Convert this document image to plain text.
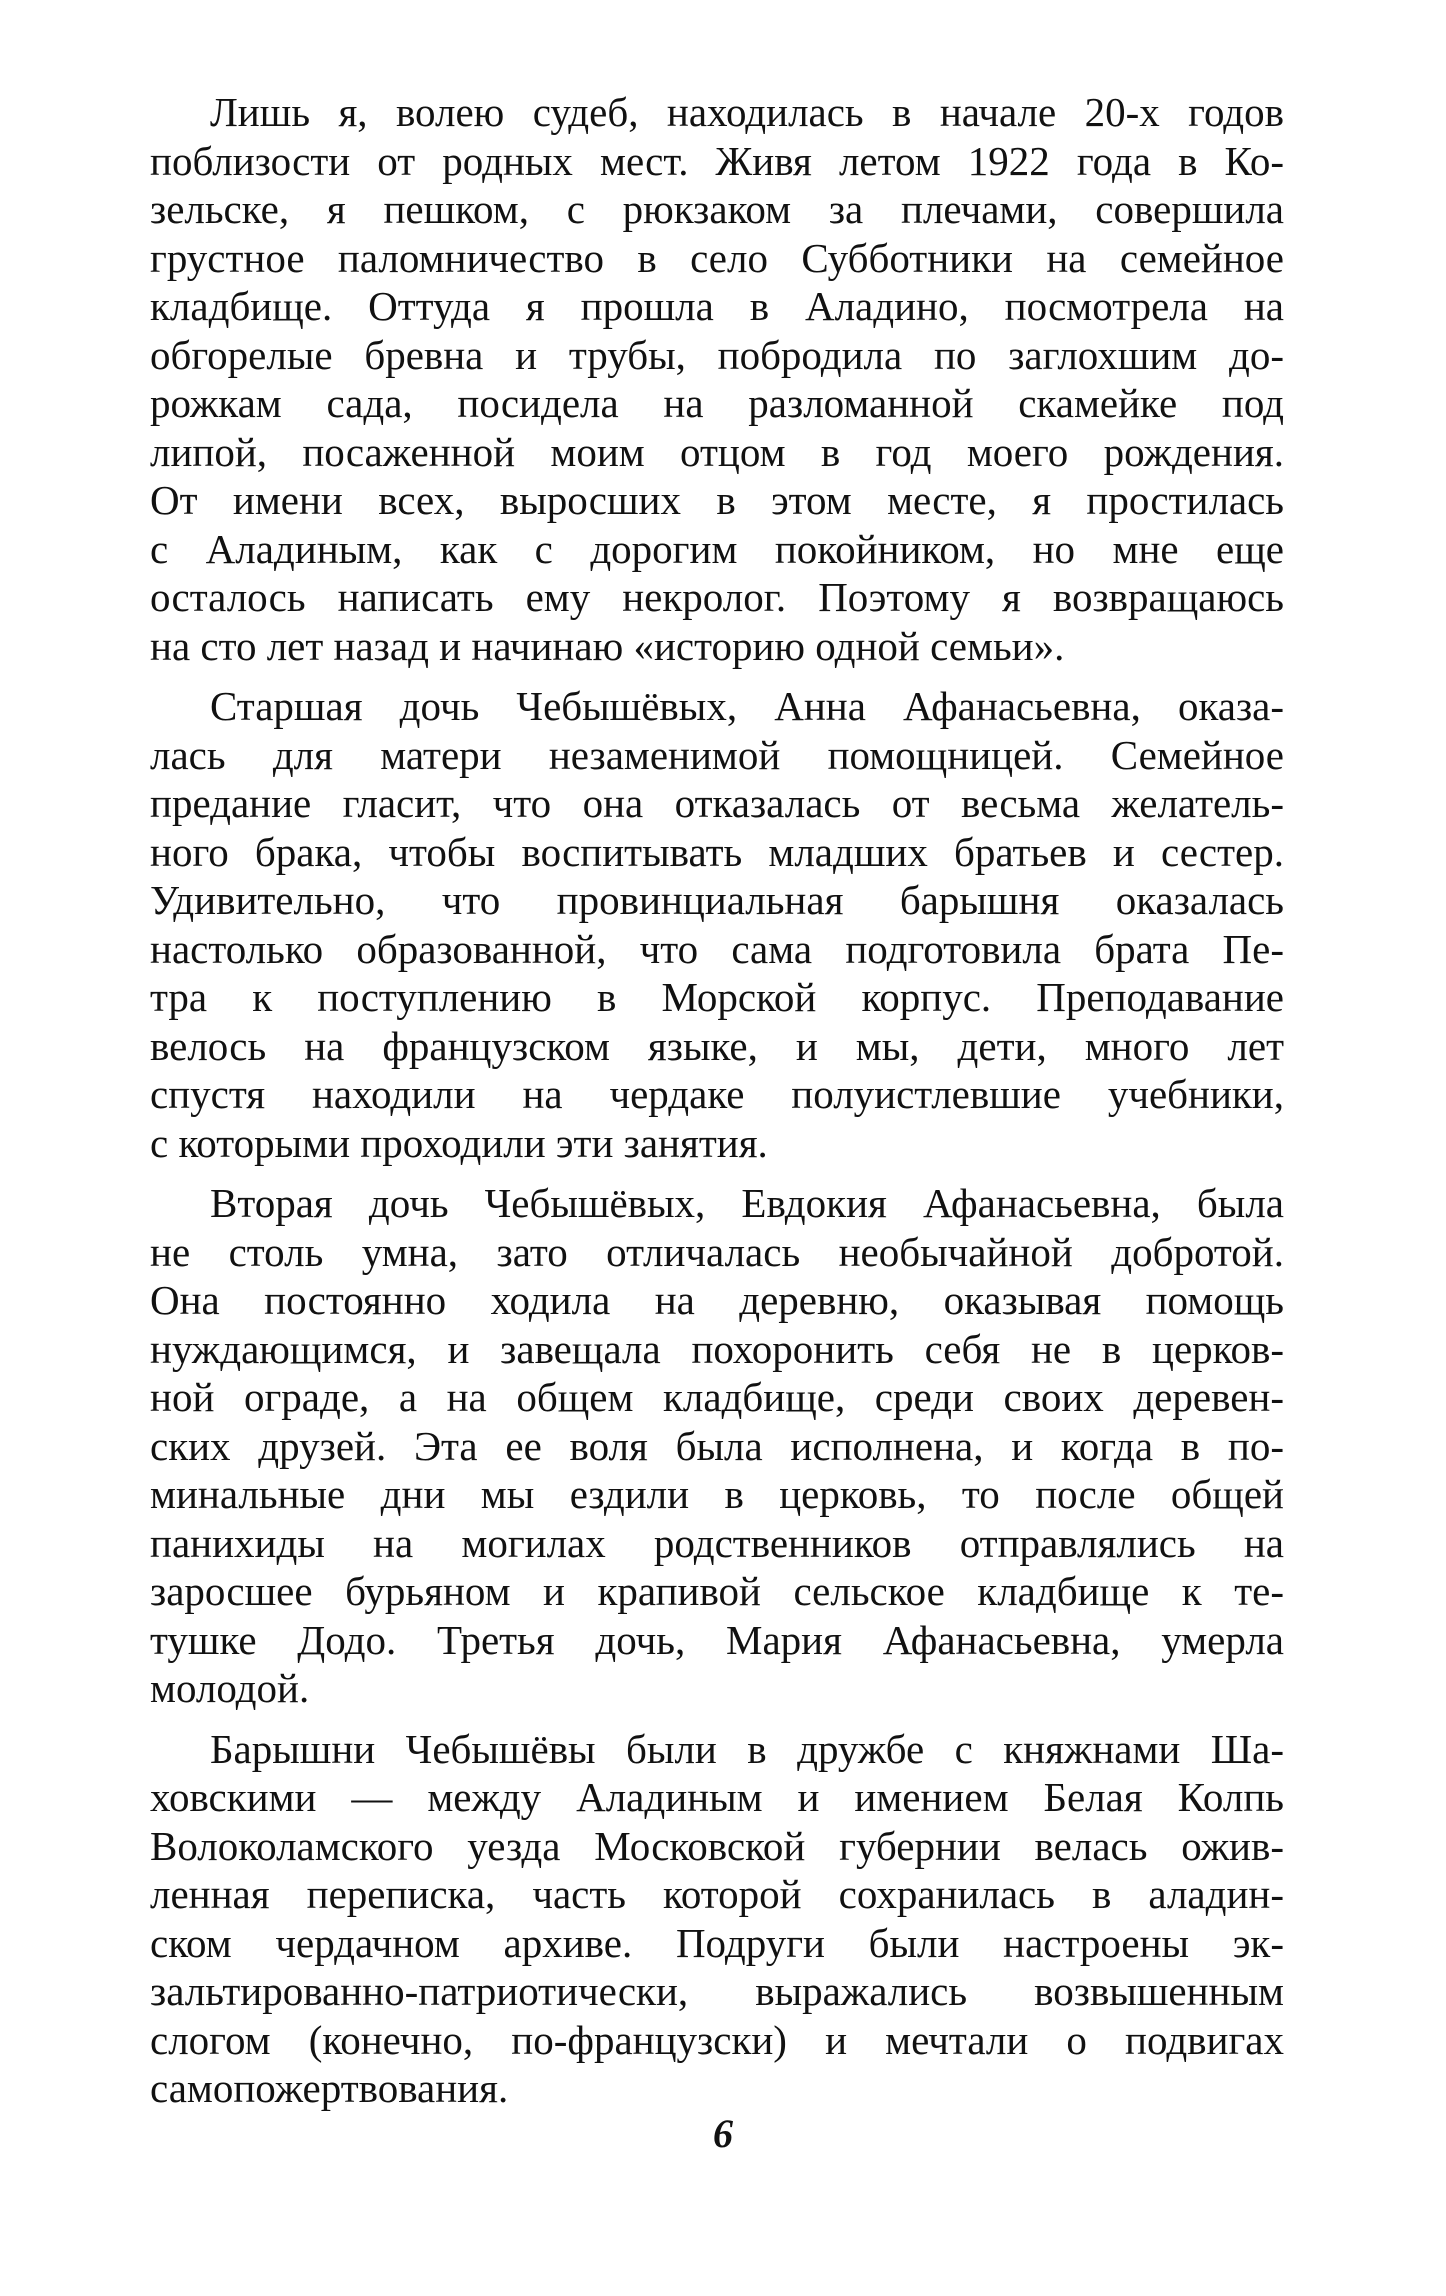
Лишь я, волею судеб, находилась в начале 20-х годов
поблизости от родных мест. Живя летом 1922 года в Ко-
зельске, я пешком, с рюкзаком за плечами, совершила
грустное паломничество в село Субботники на семейное
кладбище. Оттуда я прошла в Аладино, посмотрела на
обгорелые бревна и трубы, побродила по заглохшим до-
рожкам сада, посидела на разломанной скамейке под
липой, посаженной моим отцом в год моего рождения.
От имени всех, выросших в этом месте, я простилась
с Аладиным, как с дорогим покойником, но мне еще
осталось написать ему некролог. Поэтому я возвращаюсь
на сто лет назад и начинаю «историю одной семьи».
Старшая дочь Чебышёвых, Анна Афанасьевна, оказа-
лась для матери незаменимой помощницей. Семейное
предание гласит, что она отказалась от весьма желатель-
ного брака, чтобы воспитывать младших братьев и сестер.
Удивительно, что провинциальная барышня оказалась
настолько образованной, что сама подготовила брата Пе-
тра к поступлению в Морской корпус. Преподавание
велось на французском языке, и мы, дети, много лет
спустя находили на чердаке полуистлевшие учебники,
с которыми проходили эти занятия.
Вторая дочь Чебышёвых, Евдокия Афанасьевна, была
не столь умна, зато отличалась необычайной добротой.
Она постоянно ходила на деревню, оказывая помощь
нуждающимся, и завещала похоронить себя не в церков-
ной ограде, а на общем кладбище, среди своих деревен-
ских друзей. Эта ее воля была исполнена, и когда в по-
минальные дни мы ездили в церковь, то после общей
панихиды на могилах родственников отправлялись на
заросшее бурьяном и крапивой сельское кладбище к те-
тушке Додо. Третья дочь, Мария Афанасьевна, умерла
молодой.
Барышни Чебышёвы были в дружбе с княжнами Ша-
ховскими — между Аладиным и имением Белая Колпь
Волоколамского уезда Московской губернии велась ожив-
ленная переписка, часть которой сохранилась в аладин-
ском чердачном архиве. Подруги были настроены эк-
зальтированно-патриотически, выражались возвышенным
слогом (конечно, по-французски) и мечтали о подвигах
самопожертвования.
6
